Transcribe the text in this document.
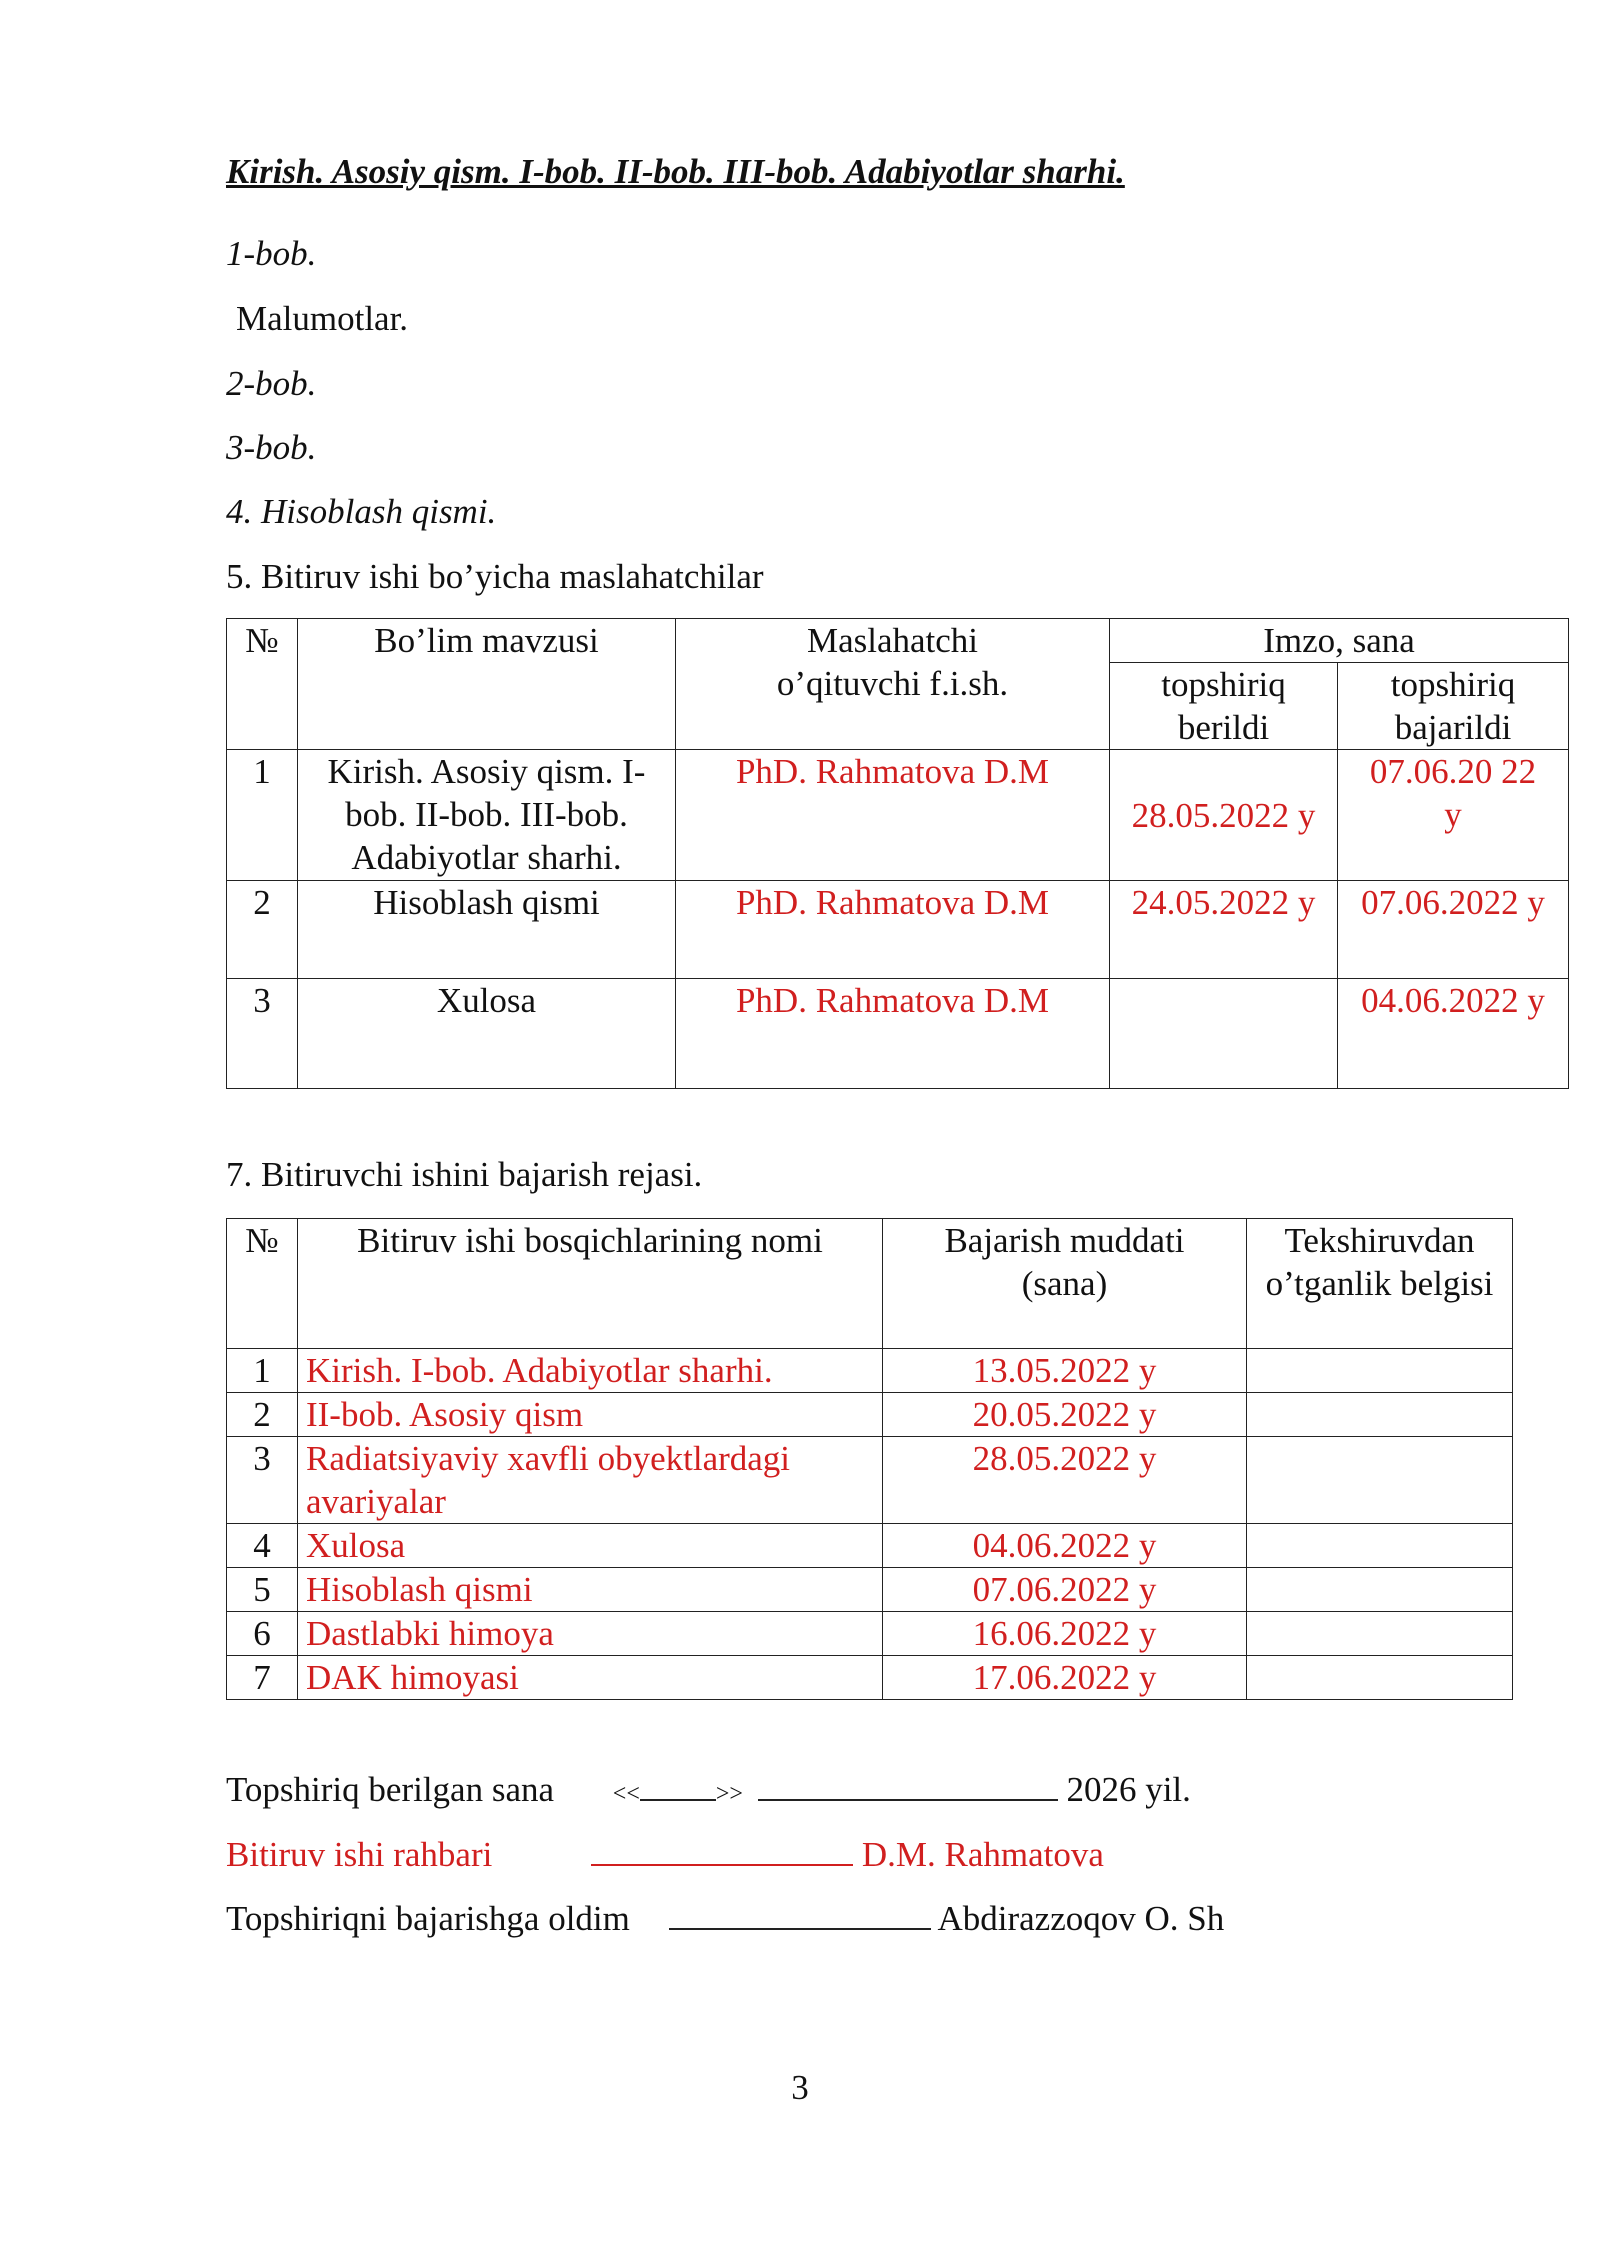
Kirish. Asosiy qism. I-bob. II-bob. III-bob. Adabiyotlar sharhi.
1-bob.
Malumotlar.
2-bob.
3-bob.
4. Hisoblash qismi.
5. Bitiruv ishi bo’yicha maslahatchilar
№	Bo’lim mavzusi	Maslahatchi o’qituvchi f.i.sh.	Imzo, sana	
			topshiriq berildi	topshiriq bajarildi
1	Kirish. Asosiy qism. I-bob. II-bob. III-bob. Adabiyotlar sharhi.	PhD. Rahmatova D.M	28.05.2022 y	07.06.20 22 y
2	Hisoblash qismi	PhD. Rahmatova D.M	24.05.2022 y	07.06.2022 y
3	Xulosa	PhD. Rahmatova D.M		04.06.2022 y
7. Bitiruvchi ishini bajarish rejasi.
№	Bitiruv ishi bosqichlarining nomi	Bajarish muddati (sana)	Tekshiruvdan o’tganlik belgisi
1	Kirish. I-bob. Adabiyotlar sharhi.	13.05.2022 y	
2	II-bob. Asosiy qism	20.05.2022 y	
3	Radiatsiyaviy xavfli obyektlardagi avariyalar	28.05.2022 y	
4	Xulosa	04.06.2022 y	
5	Hisoblash qismi	07.06.2022 y	
6	Dastlabki himoya	16.06.2022 y	
7	DAK himoyasi	17.06.2022 y	
Topshiriq berilgan sana <<	>>	2026 yil.
Bitiruv ishi rahbari	D.M. Rahmatova
Topshiriqni bajarishga oldim	Abdirazzoqov O. Sh
3
